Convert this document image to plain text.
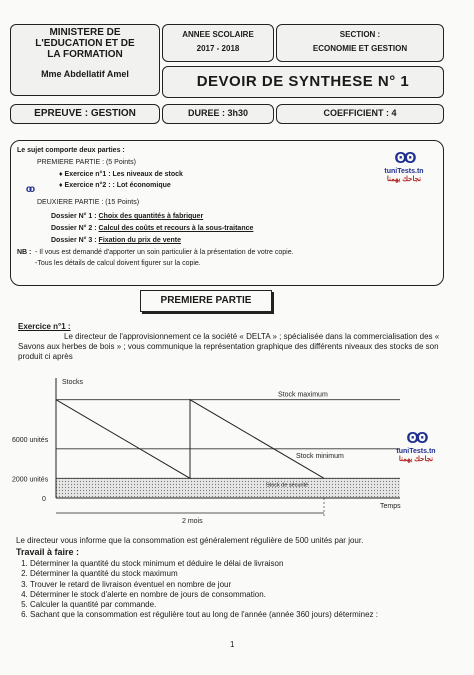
MINISTERE DE
L'EDUCATION ET DE
LA FORMATION
Mme Abdellatif Amel
ANNEE SCOLAIRE
2017 - 2018
SECTION :
ECONOMIE ET GESTION
DEVOIR DE SYNTHESE N° 1
EPREUVE : GESTION	DUREE : 3h30	COEFFICIENT : 4
Le sujet comporte deux parties :
PREMIERE PARTIE : (5 Points)
♦ Exercice n°1 : Les niveaux de stock
♦ Exercice n°2 : : Lot économique
DEUXIERE PARTIE : (15 Points)
Dossier N° 1 : Choix des quantités à fabriquer
Dossier N° 2 : Calcul des coûts et recours à la sous-traitance
Dossier N° 3 : Fixation du prix de vente
NB : - Il vous est demandé d'apporter un soin particulier à la présentation de votre copie.
-Tous les détails de calcul doivent figurer sur la copie.
oo
ʘʘ
tuniTests.tn
نجاحك يهمنا
PREMIERE PARTIE
Exercice n°1 :
Le directeur de l'approvisionnement ce la société « DELTA » ; spécialisée dans la commercialisation des « Savons aux herbes de bois » ; vous communique la représentation graphique des différents niveaux des stocks de son produit ci après
Stocks
Temps
Stock maximum
Stock minimum
Stock de sécurité
6000 unités
2000 unités
0
2 mois
ʘʘ
tuniTests.tn
نجاحك يهمنا
Le directeur vous informe que la consommation est généralement régulière de 500 unités par jour.
Travail à faire :
1. Déterminer la quantité du stock minimum et déduire le délai de livraison
2. Déterminer la quantité du stock maximum
3. Trouver le retard de livraison éventuel en nombre de jour
4. Déterminer le stock d'alerte en nombre de jours de consommation.
5. Calculer la quantité par commande.
6. Sachant que la consommation est régulière tout au long de l'année (année 360 jours) déterminez :
1
